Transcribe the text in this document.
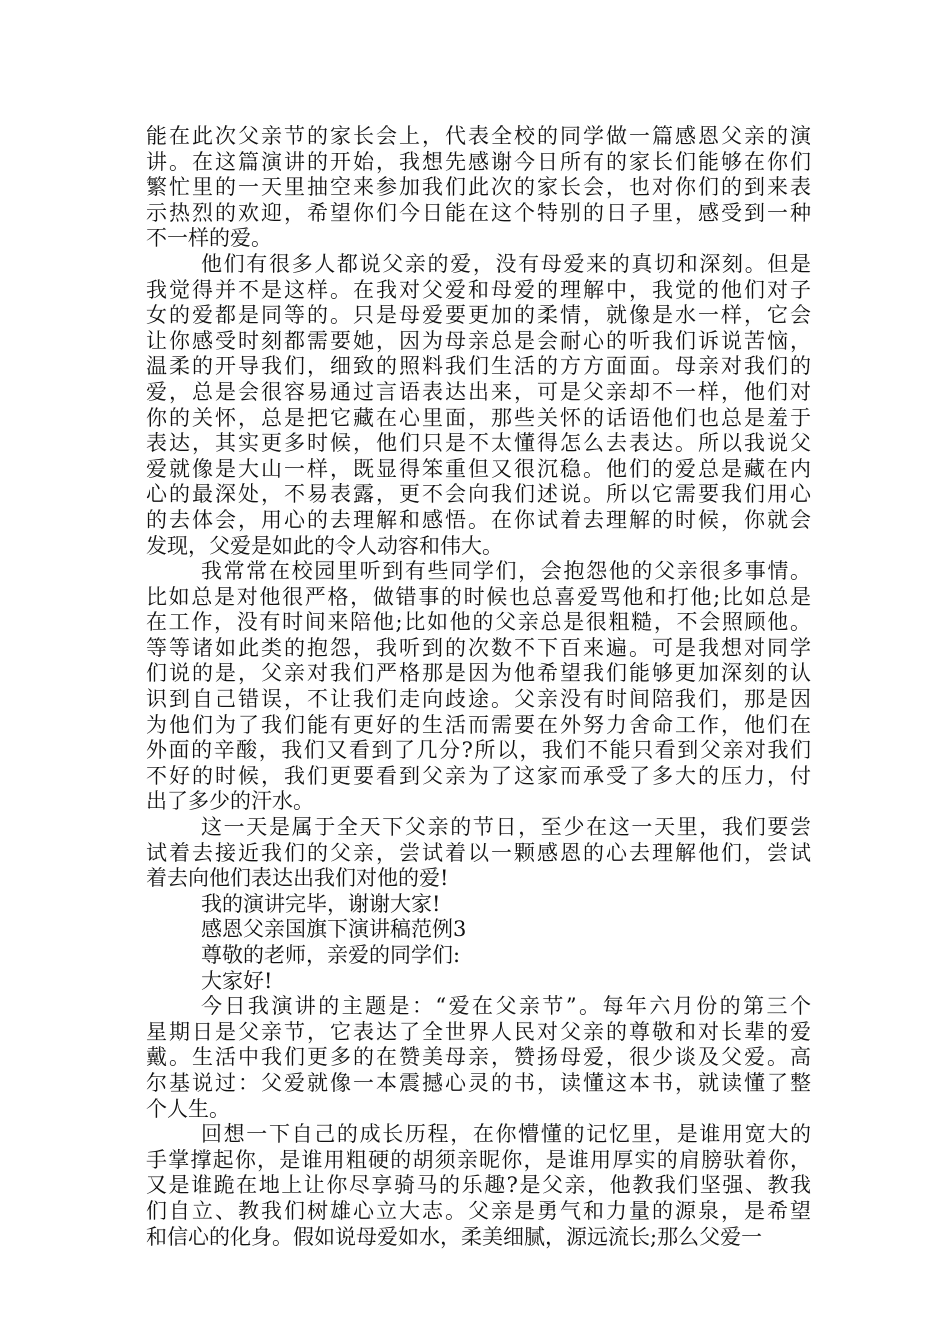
能在此次父亲节的家长会上，代表全校的同学做一篇感恩父亲的演
讲。在这篇演讲的开始，我想先感谢今日所有的家长们能够在你们
繁忙里的一天里抽空来参加我们此次的家长会，也对你们的到来表
示热烈的欢迎，希望你们今日能在这个特别的日子里，感受到一种
不一样的爱。
他们有很多人都说父亲的爱，没有母爱来的真切和深刻。但是
我觉得并不是这样。在我对父爱和母爱的理解中，我觉的他们对子
女的爱都是同等的。只是母爱要更加的柔情，就像是水一样，它会
让你感受时刻都需要她，因为母亲总是会耐心的听我们诉说苦恼，
温柔的开导我们，细致的照料我们生活的方方面面。母亲对我们的
爱，总是会很容易通过言语表达出来，可是父亲却不一样，他们对
你的关怀，总是把它藏在心里面，那些关怀的话语他们也总是羞于
表达，其实更多时候，他们只是不太懂得怎么去表达。所以我说父
爱就像是大山一样，既显得笨重但又很沉稳。他们的爱总是藏在内
心的最深处，不易表露，更不会向我们述说。所以它需要我们用心
的去体会，用心的去理解和感悟。在你试着去理解的时候，你就会
发现，父爱是如此的令人动容和伟大。
我常常在校园里听到有些同学们，会抱怨他的父亲很多事情。
比如总是对他很严格，做错事的时候也总喜爱骂他和打他;比如总是
在工作，没有时间来陪他;比如他的父亲总是很粗糙，不会照顾他。
等等诸如此类的抱怨，我听到的次数不下百来遍。可是我想对同学
们说的是，父亲对我们严格那是因为他希望我们能够更加深刻的认
识到自己错误，不让我们走向歧途。父亲没有时间陪我们，那是因
为他们为了我们能有更好的生活而需要在外努力舍命工作，他们在
外面的辛酸，我们又看到了几分?所以，我们不能只看到父亲对我们
不好的时候，我们更要看到父亲为了这家而承受了多大的压力，付
出了多少的汗水。
这一天是属于全天下父亲的节日，至少在这一天里，我们要尝
试着去接近我们的父亲，尝试着以一颗感恩的心去理解他们，尝试
着去向他们表达出我们对他的爱!
我的演讲完毕，谢谢大家!
感恩父亲国旗下演讲稿范例3
尊敬的老师，亲爱的同学们:
大家好!
今日我演讲的主题是：“爱在父亲节”。每年六月份的第三个
星期日是父亲节，它表达了全世界人民对父亲的尊敬和对长辈的爱
戴。生活中我们更多的在赞美母亲，赞扬母爱，很少谈及父爱。高
尔基说过：父爱就像一本震撼心灵的书，读懂这本书，就读懂了整
个人生。
回想一下自己的成长历程，在你懵懂的记忆里，是谁用宽大的
手掌撑起你，是谁用粗硬的胡须亲昵你，是谁用厚实的肩膀驮着你，
又是谁跪在地上让你尽享骑马的乐趣?是父亲，他教我们坚强、教我
们自立、教我们树雄心立大志。父亲是勇气和力量的源泉，是希望
和信心的化身。假如说母爱如水，柔美细腻，源远流长;那么父爱一
